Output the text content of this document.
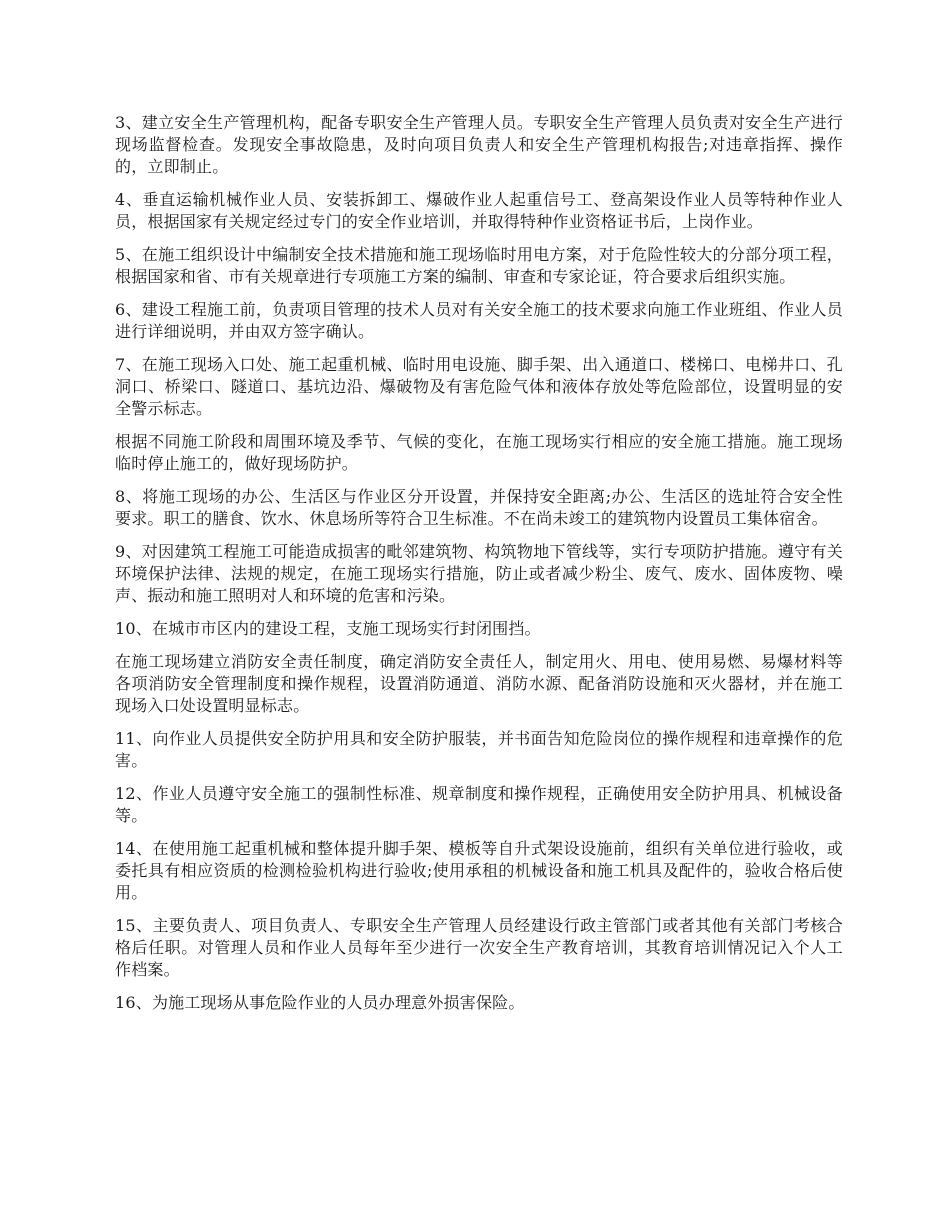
3、建立安全生产管理机构，配备专职安全生产管理人员。专职安全生产管理人员负责对安全生产进行现场监督检查。发现安全事故隐患，及时向项目负责人和安全生产管理机构报告;对违章指挥、操作的，立即制止。

4、垂直运输机械作业人员、安装拆卸工、爆破作业人起重信号工、登高架设作业人员等特种作业人员，根据国家有关规定经过专门的安全作业培训，并取得特种作业资格证书后，上岗作业。

5、在施工组织设计中编制安全技术措施和施工现场临时用电方案，对于危险性较大的分部分项工程，根据国家和省、市有关规章进行专项施工方案的编制、审查和专家论证，符合要求后组织实施。

6、建设工程施工前，负责项目管理的技术人员对有关安全施工的技术要求向施工作业班组、作业人员进行详细说明，并由双方签字确认。

7、在施工现场入口处、施工起重机械、临时用电设施、脚手架、出入通道口、楼梯口、电梯井口、孔洞口、桥梁口、隧道口、基坑边沿、爆破物及有害危险气体和液体存放处等危险部位，设置明显的安全警示标志。

根据不同施工阶段和周围环境及季节、气候的变化，在施工现场实行相应的安全施工措施。施工现场临时停止施工的，做好现场防护。

8、将施工现场的办公、生活区与作业区分开设置，并保持安全距离;办公、生活区的选址符合安全性要求。职工的膳食、饮水、休息场所等符合卫生标准。不在尚未竣工的建筑物内设置员工集体宿舍。

9、对因建筑工程施工可能造成损害的毗邻建筑物、构筑物地下管线等，实行专项防护措施。遵守有关环境保护法律、法规的规定，在施工现场实行措施，防止或者减少粉尘、废气、废水、固体废物、噪声、振动和施工照明对人和环境的危害和污染。

10、在城市市区内的建设工程，支施工现场实行封闭围挡。

在施工现场建立消防安全责任制度，确定消防安全责任人，制定用火、用电、使用易燃、易爆材料等各项消防安全管理制度和操作规程，设置消防通道、消防水源、配备消防设施和灭火器材，并在施工现场入口处设置明显标志。

11、向作业人员提供安全防护用具和安全防护服装，并书面告知危险岗位的操作规程和违章操作的危害。

12、作业人员遵守安全施工的强制性标准、规章制度和操作规程，正确使用安全防护用具、机械设备等。

14、在使用施工起重机械和整体提升脚手架、模板等自升式架设设施前，组织有关单位进行验收，或委托具有相应资质的检测检验机构进行验收;使用承租的机械设备和施工机具及配件的，验收合格后使用。

15、主要负责人、项目负责人、专职安全生产管理人员经建设行政主管部门或者其他有关部门考核合格后任职。对管理人员和作业人员每年至少进行一次安全生产教育培训，其教育培训情况记入个人工作档案。

16、为施工现场从事危险作业的人员办理意外损害保险。
